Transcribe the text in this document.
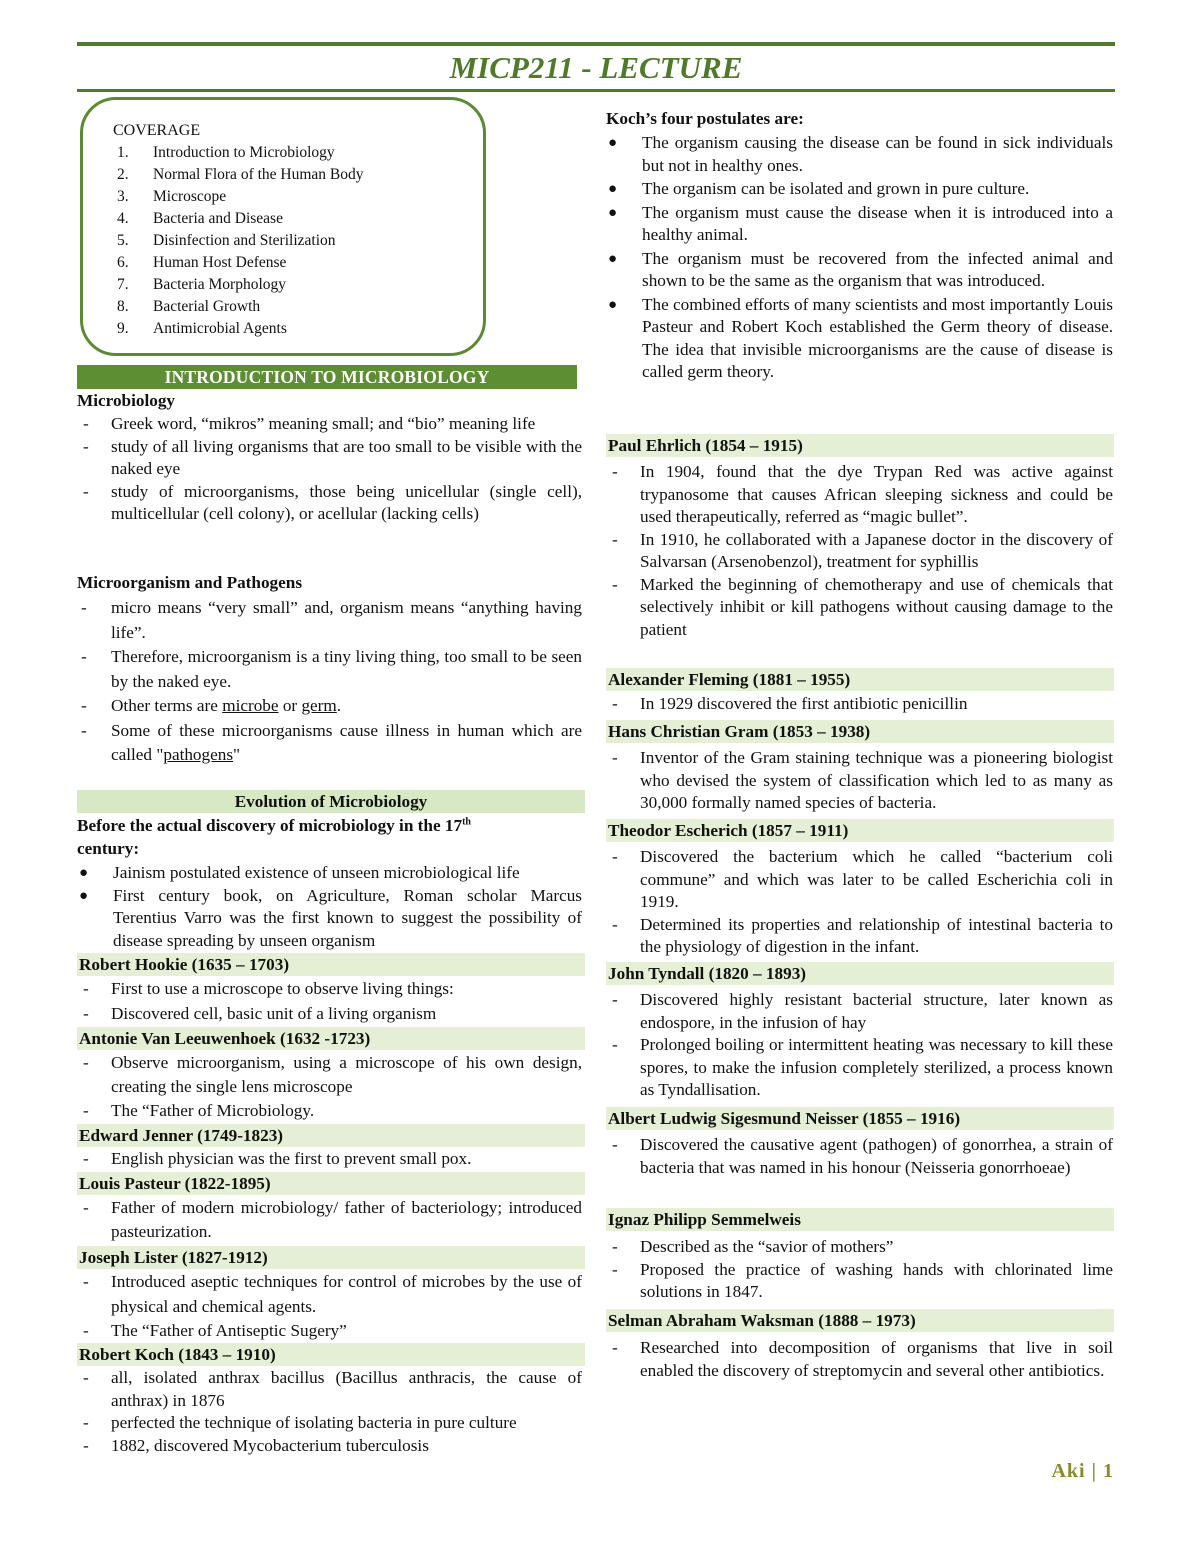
MICP211 - LECTURE
COVERAGE
1.	Introduction to Microbiology
2.	Normal Flora of the Human Body
3.	Microscope
4.	Bacteria and Disease
5.	Disinfection and Sterilization
6.	Human Host Defense
7.	Bacteria Morphology
8.	Bacterial Growth
9.	Antimicrobial Agents
INTRODUCTION TO MICROBIOLOGY
Microbiology
-	Greek word, “mikros” meaning small; and “bio” meaning life
-	study of all living organisms that are too small to be visible with the naked eye
-	study of microorganisms, those being unicellular (single cell), multicellular (cell colony), or acellular (lacking cells)
Microorganism and Pathogens
-	micro means “very small” and, organism means “anything having life”.
-	Therefore, microorganism is a tiny living thing, too small to be seen by the naked eye.
-	Other terms are microbe or germ.
-	Some of these microorganisms cause illness in human which are called "pathogens"
Evolution of Microbiology
Before the actual discovery of microbiology in the 17th
century:
●	Jainism postulated existence of unseen microbiological life
●	First century book, on Agriculture, Roman scholar Marcus Terentius Varro was the first known to suggest the possibility of disease spreading by unseen organism
Robert Hookie (1635 – 1703)
-	First to use a microscope to observe living things:
-	Discovered cell, basic unit of a living organism
Antonie Van Leeuwenhoek (1632 -1723)
-	Observe microorganism, using a microscope of his own design, creating the single lens microscope
-	The “Father of Microbiology.
Edward Jenner (1749-1823)
-	English physician was the first to prevent small pox.
Louis Pasteur (1822-1895)
-	Father of modern microbiology/ father of bacteriology; introduced pasteurization.
Joseph Lister (1827-1912)
-	Introduced aseptic techniques for control of microbes by the use of physical and chemical agents.
-	The “Father of Antiseptic Sugery”
Robert Koch (1843 – 1910)
-	all, isolated anthrax bacillus (Bacillus anthracis, the cause of anthrax) in 1876
-	perfected the technique of isolating bacteria in pure culture
-	1882, discovered Mycobacterium tuberculosis
Koch’s four postulates are:
●	The organism causing the disease can be found in sick individuals but not in healthy ones.
●	The organism can be isolated and grown in pure culture.
●	The organism must cause the disease when it is introduced into a healthy animal.
●	The organism must be recovered from the infected animal and shown to be the same as the organism that was introduced.
●	The combined efforts of many scientists and most importantly Louis Pasteur and Robert Koch established the Germ theory of disease. The idea that invisible microorganisms are the cause of disease is called germ theory.
Paul Ehrlich (1854 – 1915)
-	In 1904, found that the dye Trypan Red was active against trypanosome that causes African sleeping sickness and could be used therapeutically, referred as “magic bullet”.
-	In 1910, he collaborated with a Japanese doctor in the discovery of Salvarsan (Arsenobenzol), treatment for syphillis
-	Marked the beginning of chemotherapy and use of chemicals that selectively inhibit or kill pathogens without causing damage to the patient
Alexander Fleming (1881 – 1955)
-	In 1929 discovered the first antibiotic penicillin
Hans Christian Gram (1853 – 1938)
-	Inventor of the Gram staining technique was a pioneering biologist who devised the system of classification which led to as many as 30,000 formally named species of bacteria.
Theodor Escherich (1857 – 1911)
-	Discovered the bacterium which he called “bacterium coli commune” and which was later to be called Escherichia coli in 1919.
-	Determined its properties and relationship of intestinal bacteria to the physiology of digestion in the infant.
John Tyndall (1820 – 1893)
-	Discovered highly resistant bacterial structure, later known as endospore, in the infusion of hay
-	Prolonged boiling or intermittent heating was necessary to kill these spores, to make the infusion completely sterilized, a process known as Tyndallisation.
Albert Ludwig Sigesmund Neisser (1855 – 1916)
-	Discovered the causative agent (pathogen) of gonorrhea, a strain of bacteria that was named in his honour (Neisseria gonorrhoeae)
Ignaz Philipp Semmelweis
-	Described as the “savior of mothers”
-	Proposed the practice of washing hands with chlorinated lime solutions in 1847.
Selman Abraham Waksman (1888 – 1973)
-	Researched into decomposition of organisms that live in soil enabled the discovery of streptomycin and several other antibiotics.
Aki | 1
